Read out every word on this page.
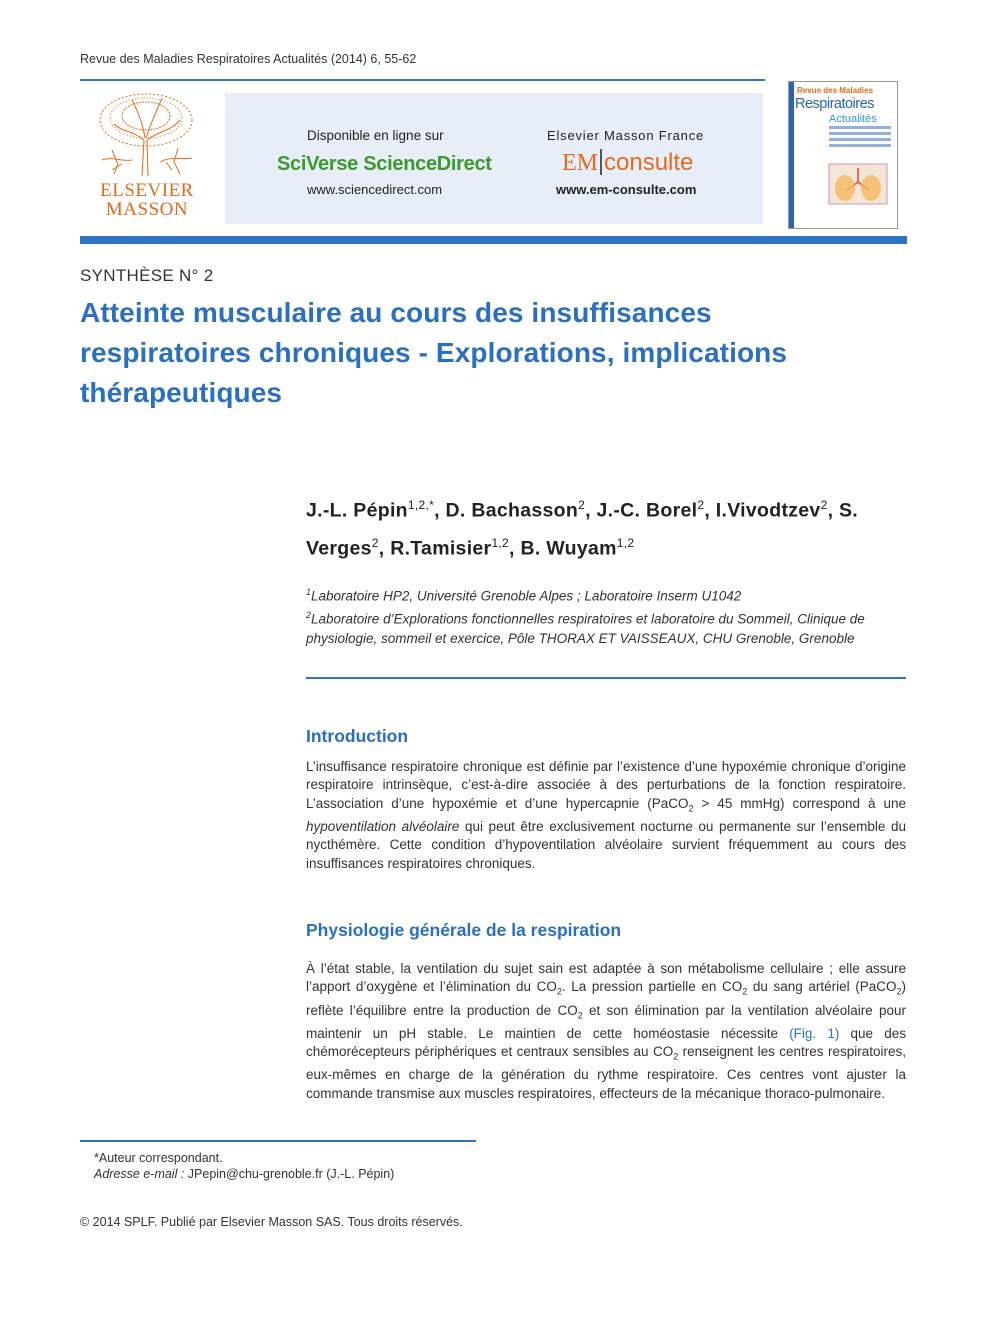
Revue des Maladies Respiratoires Actualités (2014) 6, 55-62
ELSEVIER
MASSON
Disponible en ligne sur
SciVerse ScienceDirect
www.sciencedirect.com
Elsevier Masson France
EM consulte
www.em-consulte.com
Revue des Maladies
Respiratoires
Actualités
SYNTHÈSE N° 2
Atteinte musculaire au cours des insuffisances respiratoires chroniques - Explorations, implications thérapeutiques
J.-L. Pépin$^{1,2,*}$, D. Bachasson$^2$, J.-C. Borel$^2$, I.Vivodtzev$^2$, S. Verges$^2$, R.Tamisier$^{1,2}$, B. Wuyam$^{1,2}$
$^1$Laboratoire HP2, Université Grenoble Alpes ; Laboratoire Inserm U1042
$^2$Laboratoire d’Explorations fonctionnelles respiratoires et laboratoire du Sommeil, Clinique de physiologie, sommeil et exercice, Pôle THORAX ET VAISSEAUX, CHU Grenoble, Grenoble
Introduction
L’insuffisance respiratoire chronique est définie par l’existence d’une hypoxémie chronique d’origine respiratoire intrinsèque, c’est-à-dire associée à des perturbations de la fonction respiratoire. L’association d’une hypoxémie et d’une hypercapnie (PaCO$_2$ > 45 mmHg) correspond à une hypoventilation alvéolaire qui peut être exclusivement nocturne ou permanente sur l’ensemble du nycthémère. Cette condition d’hypoventilation alvéolaire survient fréquemment au cours des insuffisances respiratoires chroniques.
Physiologie générale de la respiration
À l’état stable, la ventilation du sujet sain est adaptée à son métabolisme cellulaire ; elle assure l’apport d’oxygène et l’élimination du $CO_2$. La pression partielle en $CO_2$ du sang artériel (PaCO$_2$) reflète l’équilibre entre la production de $CO_2$ et son élimination par la ventilation alvéolaire pour maintenir un pH stable. Le maintien de cette homéostasie nécessite (Fig. 1) que des chémorécepteurs périphériques et centraux sensibles au $CO_2$ renseignent les centres respiratoires, eux-mêmes en charge de la génération du rythme respiratoire. Ces centres vont ajuster la commande transmise aux muscles respiratoires, effecteurs de la mécanique thoraco-pulmonaire.
*Auteur correspondant.
Adresse e-mail : JPepin@chu-grenoble.fr (J.-L. Pépin)
© 2014 SPLF. Publié par Elsevier Masson SAS. Tous droits réservés.
